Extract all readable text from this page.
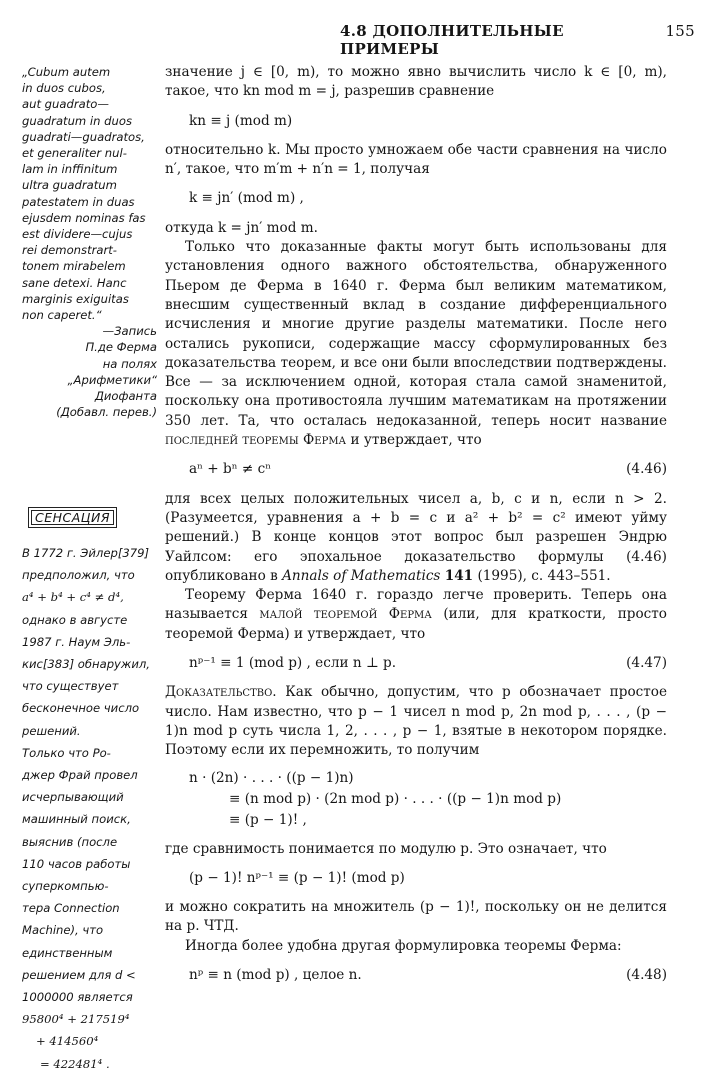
4.8 ДОПОЛНИТЕЛЬНЫЕ ПРИМЕРЫ
155

„Cubum autem

in duos cubos,

aut guadrato—

guadratum in duos

guadrati—guadratos,

et generaliter nul-

lam in inffinitum

ultra guadratum

patestatem in duas

ejusdem nominas fas

est dividere—cujus

rei demonstrart-

tonem mirabelem

sane detexi. Hanc

marginis exiguitas

non caperet.“

—Запись

П.де Ферма

на полях

„Арифметики“

Диофанта

(Добавл. перев.)

СЕНСАЦИЯ

В 1772 г. Эйлер[379]

предположил, что

a⁴ + b⁴ + c⁴ ≠ d⁴,

однако в августе

1987 г. Наум Эль-

кис[383] обнаружил,

что существует

бесконечное число

решений.

Только что Ро-

джер Фрай провел

исчерпывающий

машинный поиск,

выяснив (после

110 часов работы

суперкомпью-

тера Connection

Machine), что

единственным

решением для d <

1000000 является

95800⁴ + 217519⁴

+ 414560⁴

= 422481⁴ .

значение j ∈ [0, m), то можно явно вычислить число k ∈ [0, m), такое, что kn mod m = j, разрешив сравнение

kn ≡ j (mod m)

относительно k. Мы просто умножаем обе части сравнения на число n′, такое, что m′m + n′n = 1, получая

k ≡ jn′ (mod m) ,

откуда k = jn′ mod m.

Только что доказанные факты могут быть использованы для установления одного важного обстоятельства, обнаруженного Пьером де Ферма в 1640 г. Ферма был великим математиком, внесшим существенный вклад в создание дифференциального исчисления и многие другие разделы математики. После него остались рукописи, содержащие массу сформулированных без доказательства теорем, и все они были впоследствии подтверждены. Все — за исключением одной, которая стала самой знаменитой, поскольку она противостояла лучшим математикам на протяжении 350 лет. Та, что осталась недоказанной, теперь носит название последней теоремы Ферма и утверждает, что

aⁿ + bⁿ ≠ cⁿ	(4.46)

для всех целых положительных чисел a, b, c и n, если n > 2. (Разумеется, уравнения a + b = c и a² + b² = c² имеют уйму решений.) В конце концов этот вопрос был разрешен Эндрю Уайлсом: его эпохальное доказательство формулы (4.46) опубликовано в Annals of Mathematics 141 (1995), с. 443–551.

Теорему Ферма 1640 г. гораздо легче проверить. Теперь она называется малой теоремой Ферма (или, для краткости, просто теоремой Ферма) и утверждает, что

nᵖ⁻¹ ≡ 1 (mod p) , если n ⊥ p.	(4.47)

Доказательство. Как обычно, допустим, что p обозначает простое число. Нам известно, что p − 1 чисел n mod p, 2n mod p, . . . , (p − 1)n mod p суть числа 1, 2, . . . , p − 1, взятые в некотором порядке. Поэтому если их перемножить, то получим

n · (2n) · . . . · ((p − 1)n)
≡ (n mod p) · (2n mod p) · . . . · ((p − 1)n mod p)
≡ (p − 1)! ,

где сравнимость понимается по модулю p. Это означает, что

(p − 1)! nᵖ⁻¹ ≡ (p − 1)! (mod p)

и можно сократить на множитель (p − 1)!, поскольку он не делится на p. ЧТД.

Иногда более удобна другая формулировка теоремы Ферма:

nᵖ ≡ n (mod p) , целое n.	(4.48)
